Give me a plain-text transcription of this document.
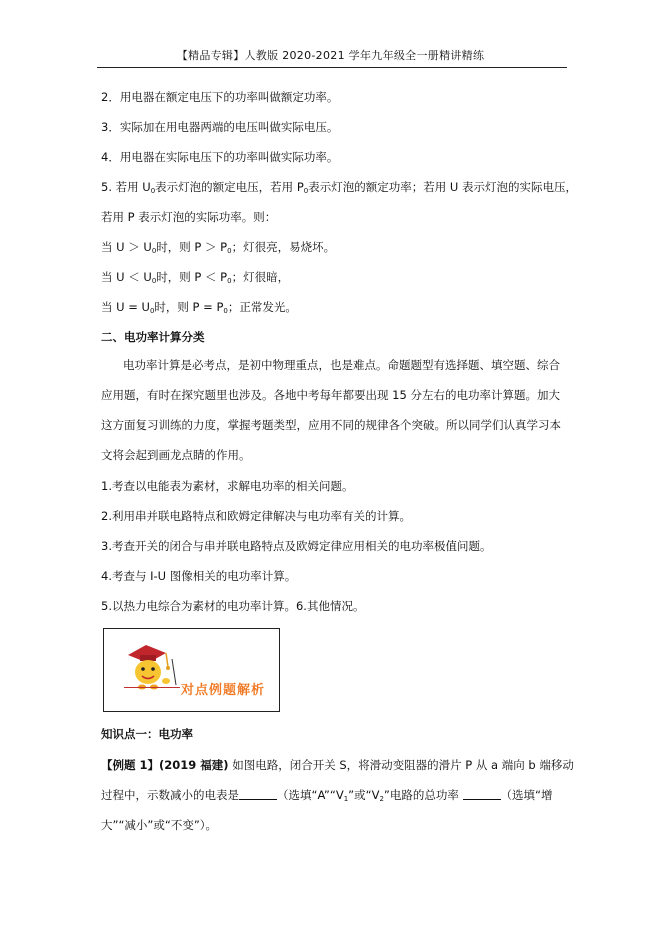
【精品专辑】人教版 2020-2021 学年九年级全一册精讲精练
2．用电器在额定电压下的功率叫做额定功率。
3．实际加在用电器两端的电压叫做实际电压。
4．用电器在实际电压下的功率叫做实际功率。
5. 若用 $U_0$表示灯泡的额定电压，若用 $P_0$表示灯泡的额定功率；若用 U 表示灯泡的实际电压，
若用 P 表示灯泡的实际功率。则：
当 $U > U_0$时，则 $P > P_0$；灯很亮，易烧坏。
当 $U < U_0$时，则 $P < P_0$；灯很暗，
当 $U = U_0$时，则 $P = P_0$；正常发光。
二、电功率计算分类
电功率计算是必考点，是初中物理重点，也是难点。命题题型有选择题、填空题、综合
应用题，有时在探究题里也涉及。各地中考每年都要出现 15 分左右的电功率计算题。加大
这方面复习训练的力度，掌握考题类型，应用不同的规律各个突破。所以同学们认真学习本
文将会起到画龙点睛的作用。
1.考查以电能表为素材，求解电功率的相关问题。
2.利用串并联电路特点和欧姆定律解决与电功率有关的计算。
3.考查开关的闭合与串并联电路特点及欧姆定律应用相关的电功率极值问题。
4.考查与 I-U 图像相关的电功率计算。
5.以热力电综合为素材的电功率计算。6.其他情况。
对点例题解析
知识点一：电功率
【例题 1】(2019 福建) 如图电路，闭合开关 S，将滑动变阻器的滑片 P 从 a 端向 b 端移动
过程中，示数减小的电表是	（选填“$A”“V_1$”或“$V_2$”电路的总功率	（选填“增
大”“减小”或“不变”）。
